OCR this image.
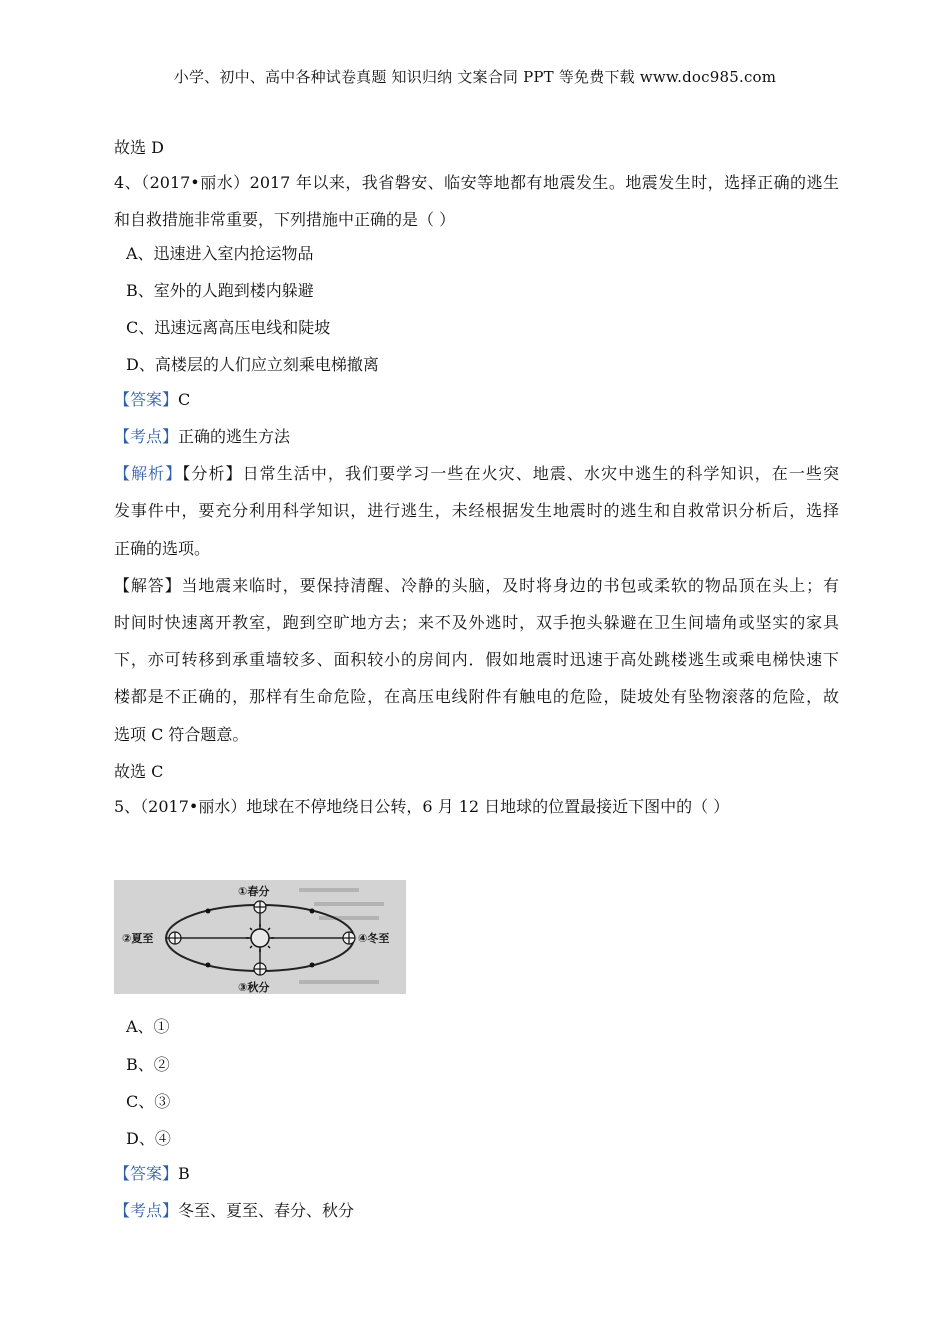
小学、初中、高中各种试卷真题 知识归纳 文案合同 PPT 等免费下载 www.doc985.com
故选 D
4、（2017•丽水）2017 年以来，我省磐安、临安等地都有地震发生。地震发生时，选择正确的逃生
和自救措施非常重要，下列措施中正确的是（ ）
A、迅速进入室内抢运物品
B、室外的人跑到楼内躲避
C、迅速远离高压电线和陡坡
D、高楼层的人们应立刻乘电梯撤离
【答案】C
【考点】正确的逃生方法
【解析】【分析】日常生活中，我们要学习一些在火灾、地震、水灾中逃生的科学知识，在一些突
发事件中，要充分利用科学知识，进行逃生，未经根据发生地震时的逃生和自救常识分析后，选择
正确的选项。
【解答】当地震来临时，要保持清醒、冷静的头脑，及时将身边的书包或柔软的物品顶在头上；有
时间时快速离开教室，跑到空旷地方去；来不及外逃时，双手抱头躲避在卫生间墙角或坚实的家具
下，亦可转移到承重墙较多、面积较小的房间内．假如地震时迅速于高处跳楼逃生或乘电梯快速下
楼都是不正确的，那样有生命危险，在高压电线附件有触电的危险，陡坡处有坠物滚落的危险，故
选项 C 符合题意。
故选 C
5、（2017•丽水）地球在不停地绕日公转，6 月 12 日地球的位置最接近下图中的（ ）
①春分
②夏至
③秋分
④冬至
A、①
B、②
C、③
D、④
【答案】B
【考点】冬至、夏至、春分、秋分
